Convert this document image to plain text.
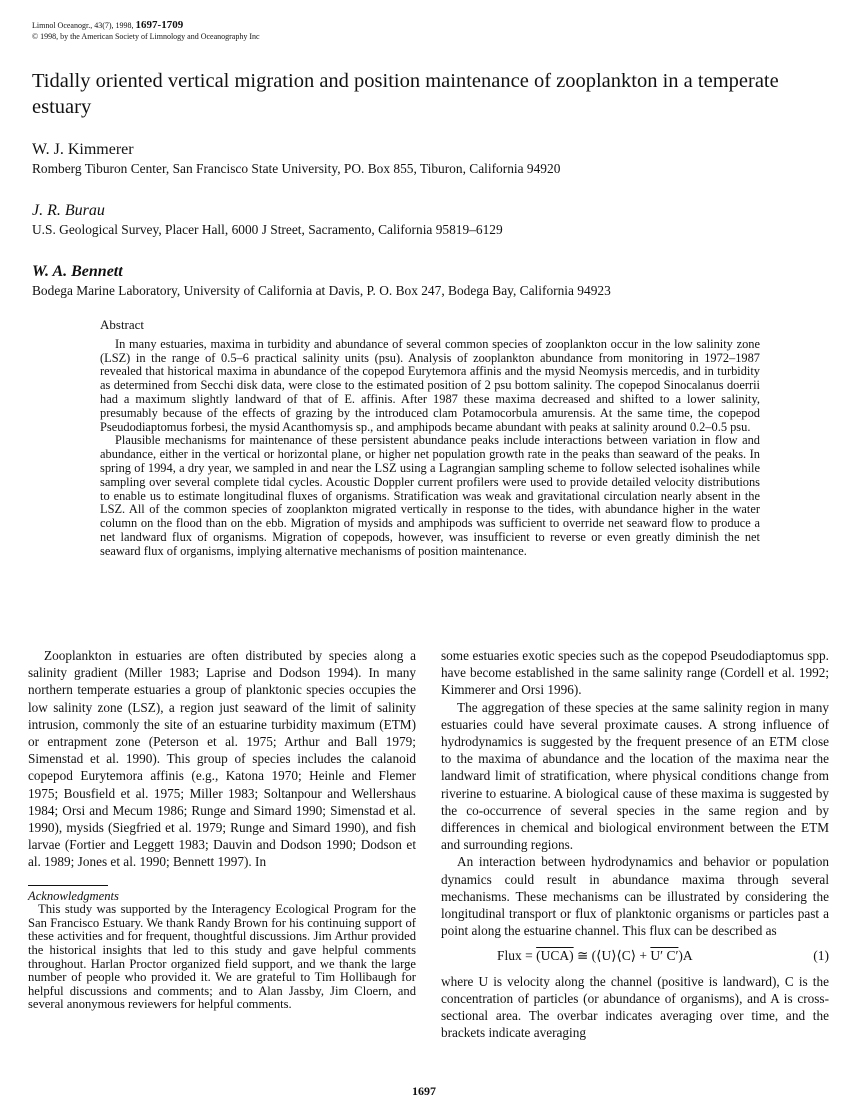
Limnol Oceanogr., 43(7), 1998, 1697-1709
© 1998, by the American Society of Limnology and Oceanography Inc
Tidally oriented vertical migration and position maintenance of zooplankton in a temperate estuary
W. J. Kimmerer
Romberg Tiburon Center, San Francisco State University, PO. Box 855, Tiburon, California 94920
J. R. Burau
U.S. Geological Survey, Placer Hall, 6000 J Street, Sacramento, California 95819–6129
W. A. Bennett
Bodega Marine Laboratory, University of California at Davis, P. O. Box 247, Bodega Bay, California 94923
Abstract

In many estuaries, maxima in turbidity and abundance of several common species of zooplankton occur in the low salinity zone (LSZ) in the range of 0.5–6 practical salinity units (psu). Analysis of zooplankton abundance from monitoring in 1972–1987 revealed that historical maxima in abundance of the copepod Eurytemora affinis and the mysid Neomysis mercedis, and in turbidity as determined from Secchi disk data, were close to the estimated position of 2 psu bottom salinity. The copepod Sinocalanus doerrii had a maximum slightly landward of that of E. affinis. After 1987 these maxima decreased and shifted to a lower salinity, presumably because of the effects of grazing by the introduced clam Potamocorbula amurensis. At the same time, the copepod Pseudodiaptomus forbesi, the mysid Acanthomysis sp., and amphipods became abundant with peaks at salinity around 0.2–0.5 psu.

Plausible mechanisms for maintenance of these persistent abundance peaks include interactions between variation in flow and abundance, either in the vertical or horizontal plane, or higher net population growth rate in the peaks than seaward of the peaks. In spring of 1994, a dry year, we sampled in and near the LSZ using a Lagrangian sampling scheme to follow selected isohalines while sampling over several complete tidal cycles. Acoustic Doppler current profilers were used to provide detailed velocity distributions to enable us to estimate longitudinal fluxes of organisms. Stratification was weak and gravitational circulation nearly absent in the LSZ. All of the common species of zooplankton migrated vertically in response to the tides, with abundance higher in the water column on the flood than on the ebb. Migration of mysids and amphipods was sufficient to override net seaward flow to produce a net landward flux of organisms. Migration of copepods, however, was insufficient to reverse or even greatly diminish the net seaward flux of organisms, implying alternative mechanisms of position maintenance.

Zooplankton in estuaries are often distributed by species along a salinity gradient (Miller 1983; Laprise and Dodson 1994). In many northern temperate estuaries a group of planktonic species occupies the low salinity zone (LSZ), a region just seaward of the limit of salinity intrusion, commonly the site of an estuarine turbidity maximum (ETM) or entrapment zone (Peterson et al. 1975; Arthur and Ball 1979; Simenstad et al. 1990). This group of species includes the calanoid copepod Eurytemora affinis (e.g., Katona 1970; Heinle and Flemer 1975; Bousfield et al. 1975; Miller 1983; Soltanpour and Wellershaus 1984; Orsi and Mecum 1986; Runge and Simard 1990; Simenstad et al. 1990), mysids (Siegfried et al. 1979; Runge and Simard 1990), and fish larvae (Fortier and Leggett 1983; Dauvin and Dodson 1990; Dodson et al. 1989; Jones et al. 1990; Bennett 1997). In

Acknowledgments

This study was supported by the Interagency Ecological Program for the San Francisco Estuary. We thank Randy Brown for his continuing support of these activities and for frequent, thoughtful discussions. Jim Arthur provided the historical insights that led to this study and gave helpful comments throughout. Harlan Proctor organized field support, and we thank the large number of people who provided it. We are grateful to Tim Hollibaugh for helpful discussions and comments; and to Alan Jassby, Jim Cloern, and several anonymous reviewers for helpful comments.

some estuaries exotic species such as the copepod Pseudodiaptomus spp. have become established in the same salinity range (Cordell et al. 1992; Kimmerer and Orsi 1996).

The aggregation of these species at the same salinity region in many estuaries could have several proximate causes. A strong influence of hydrodynamics is suggested by the frequent presence of an ETM close to the maxima of abundance and the location of the maxima near the landward limit of stratification, where physical conditions change from riverine to estuarine. A biological cause of these maxima is suggested by the co-occurrence of several species in the same region and by differences in chemical and biological environment between the ETM and surrounding regions.

An interaction between hydrodynamics and behavior or population dynamics could result in abundance maxima through several mechanisms. These mechanisms can be illustrated by considering the longitudinal transport or flux of planktonic organisms or particles past a point along the estuarine channel. This flux can be described as

Flux = (UCA) ≅ (⟨U⟩⟨C⟩ + U′ C′)A	(1)

where U is velocity along the channel (positive is landward), C is the concentration of particles (or abundance of organisms), and A is cross-sectional area. The overbar indicates averaging over time, and the brackets indicate averaging

1697
